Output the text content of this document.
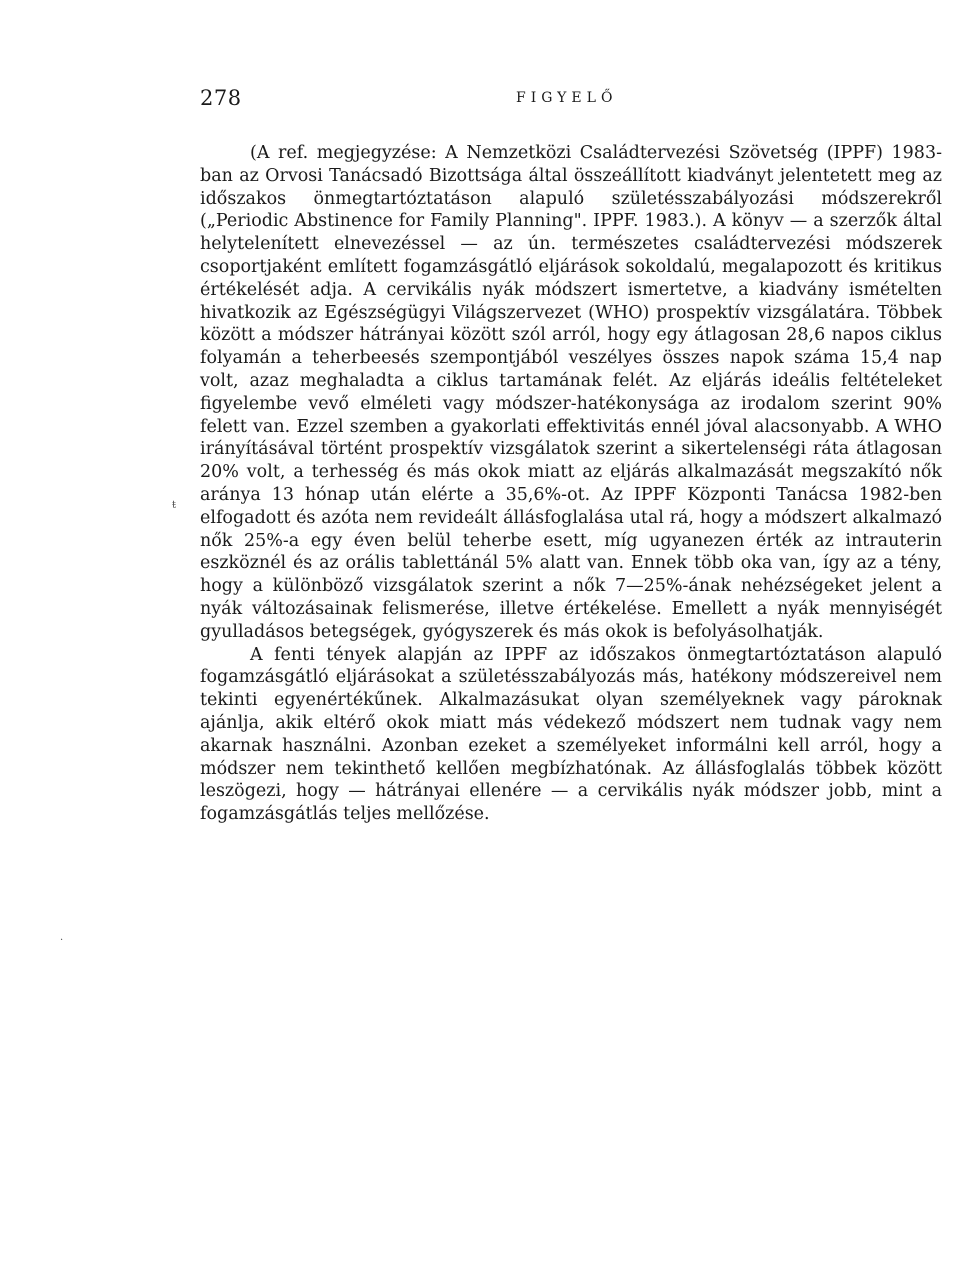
278	FIGYELŐ

(A ref. megjegyzése: A Nemzetközi Családtervezési Szövetség (IPPF) 1983-ban az Orvosi Tanácsadó Bizottsága által összeállított kiadványt jelentetett meg az időszakos önmegtartóztatáson alapuló születésszabályozási módszerekről („Periodic Abstinence for Family Planning". IPPF. 1983.). A könyv — a szerzők által helytelenített elnevezéssel — az ún. természetes családtervezési módszerek csoportjaként említett fogamzásgátló eljárások sokoldalú, megalapozott és kritikus értékelését adja. A cervikális nyák módszert ismertetve, a kiadvány ismételten hivatkozik az Egészségügyi Világszervezet (WHO) prospektív vizsgálatára. Többek között a módszer hátrányai között szól arról, hogy egy átlagosan 28,6 napos ciklus folyamán a teherbeesés szempontjából veszélyes összes napok száma 15,4 nap volt, azaz meghaladta a ciklus tartamának felét. Az eljárás ideális feltételeket figyelembe vevő elméleti vagy módszer-hatékonysága az irodalom szerint 90% felett van. Ezzel szemben a gyakorlati effektivitás ennél jóval alacsonyabb. A WHO irányításával történt prospektív vizsgálatok szerint a sikertelenségi ráta átlagosan 20% volt, a terhesség és más okok miatt az eljárás alkalmazását megszakító nők aránya 13 hónap után elérte a 35,6%-ot. Az IPPF Központi Tanácsa 1982-ben elfogadott és azóta nem revideált állásfoglalása utal rá, hogy a módszert alkalmazó nők 25%-a egy éven belül teherbe esett, míg ugyanezen érték az intrauterin eszköznél és az orális tablettánál 5% alatt van. Ennek több oka van, így az a tény, hogy a különböző vizsgálatok szerint a nők 7—25%-ának nehézségeket jelent a nyák változásainak felismerése, illetve értékelése. Emellett a nyák mennyiségét gyulladásos betegségek, gyógyszerek és más okok is befolyásolhatják.

A fenti tények alapján az IPPF az időszakos önmegtartóztatáson alapuló fogamzásgátló eljárásokat a születésszabályozás más, hatékony módszereivel nem tekinti egyenértékűnek. Alkalmazásukat olyan személyeknek vagy pároknak ajánlja, akik eltérő okok miatt más védekező módszert nem tudnak vagy nem akarnak használni. Azonban ezeket a személyeket informálni kell arról, hogy a módszer nem tekinthető kellően megbízhatónak. Az állásfoglalás többek között leszögezi, hogy — hátrányai ellenére — a cervikális nyák módszer jobb, mint a fogamzásgátlás teljes mellőzése.

ŧ
·
